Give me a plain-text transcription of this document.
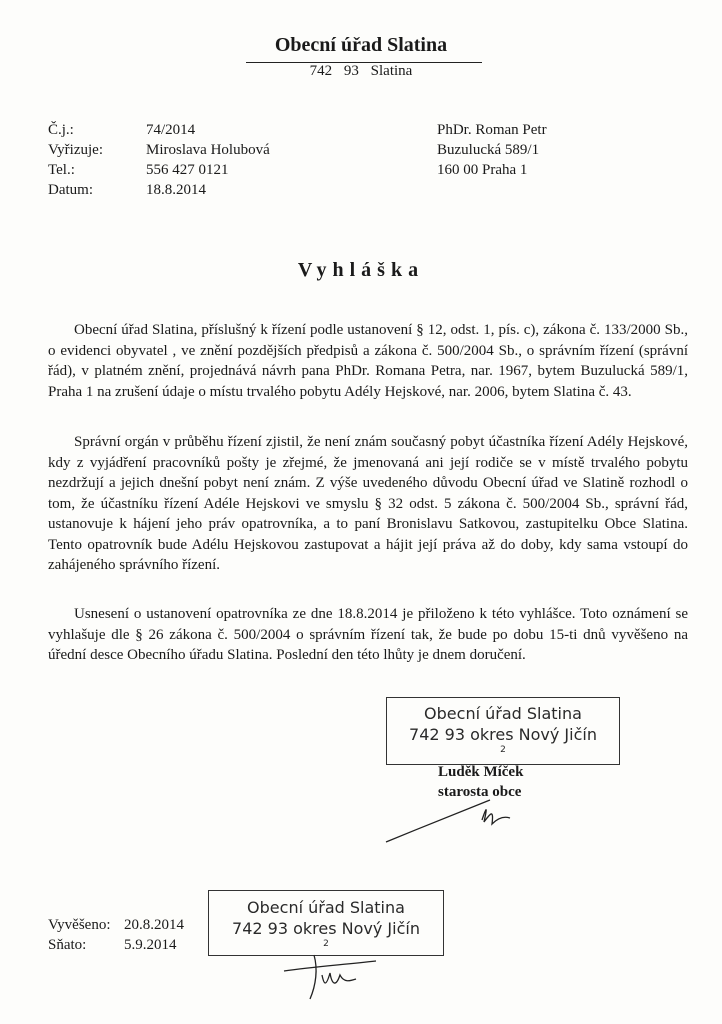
Obecní úřad Slatina
742 93 Slatina
Č.j.:	74/2014
Vyřizuje:	Miroslava Holubová
Tel.:	556 427 0121
Datum:	18.8.2014
PhDr. Roman Petr
Buzulucká 589/1
160 00 Praha 1
Vyhláška

Obecní úřad Slatina, příslušný k řízení podle ustanovení § 12, odst. 1, pís. c), zákona č. 133/2000 Sb., o evidenci obyvatel , ve znění pozdějších předpisů a zákona č. 500/2004 Sb., o správním řízení (správní řád), v platném znění, projednává návrh pana PhDr. Romana Petra, nar. 1967, bytem Buzulucká 589/1, Praha 1 na zrušení údaje o místu trvalého pobytu Adély Hejskové, nar. 2006, bytem Slatina č. 43.

Správní orgán v průběhu řízení zjistil, že není znám současný pobyt účastníka řízení Adély Hejskové, kdy z vyjádření pracovníků pošty je zřejmé, že jmenovaná ani její rodiče se v místě trvalého pobytu nezdržují a jejich dnešní pobyt není znám. Z výše uvedeného důvodu Obecní úřad ve Slatině rozhodl o tom, že účastníku řízení Adéle Hejskovi ve smyslu § 32 odst. 5 zákona č. 500/2004 Sb., správní řád, ustanovuje k hájení jeho práv opatrovníka, a to paní Bronislavu Satkovou, zastupitelku Obce Slatina. Tento opatrovník bude Adélu Hejskovou zastupovat a hájit její práva až do doby, kdy sama vstoupí do zahájeného správního řízení.

Usnesení o ustanovení opatrovníka ze dne 18.8.2014 je přiloženo k této vyhlášce. Toto oznámení se vyhlašuje dle § 26 zákona č. 500/2004 o správním řízení tak, že bude po dobu 15-ti dnů vyvěšeno na úřední desce Obecního úřadu Slatina. Poslední den této lhůty je dnem doručení.

Obecní úřad Slatina
742 93 okres Nový Jičín
2
Luděk Míček
starosta obce
Vyvěšeno: 20.8.2014
Sňato:	5.9.2014
Obecní úřad Slatina
742 93 okres Nový Jičín
2
